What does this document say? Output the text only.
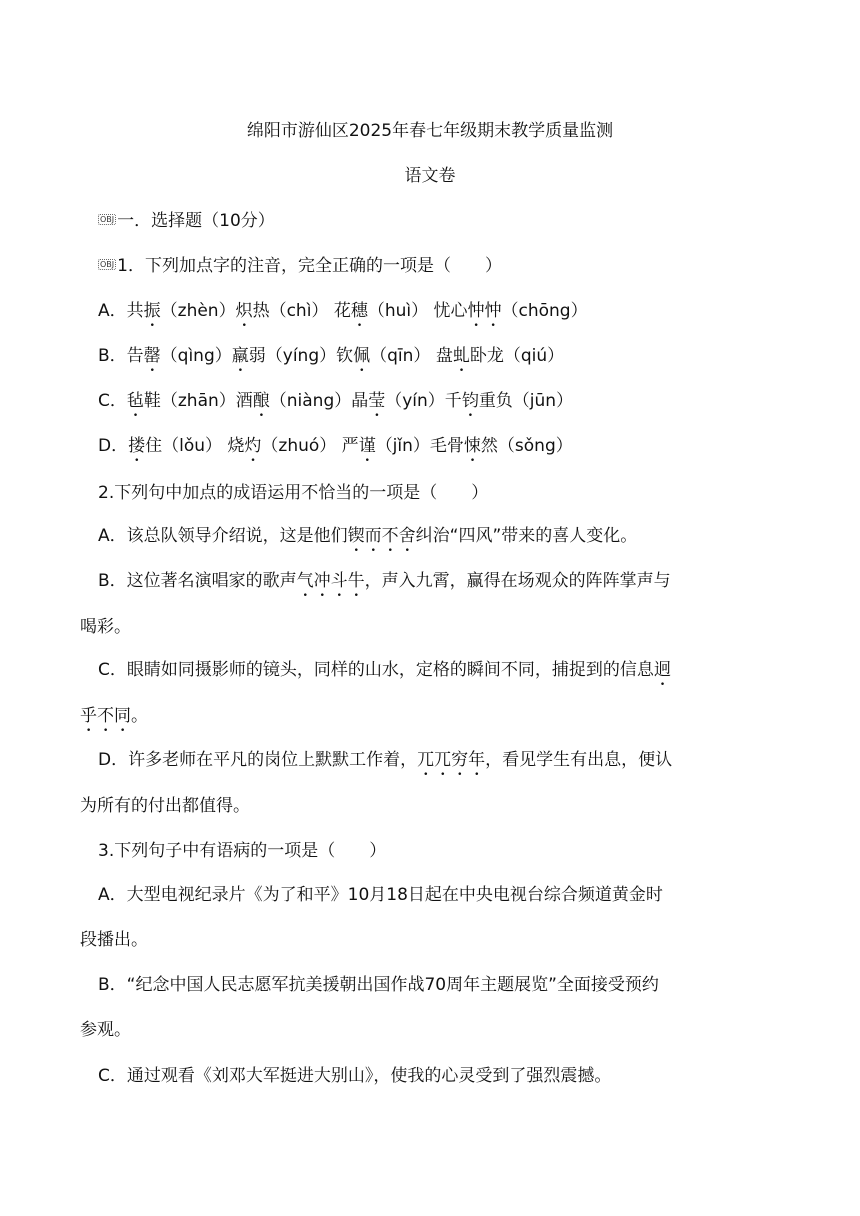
绵阳市游仙区2025年春七年级期末教学质量监测
语文卷
OBJ 一．选择题（10分）
OBJ 1．下列加点字的注音，完全正确的一项是（　　）
A．共振（zhèn）炽热（chì） 花穗（huì） 忧心忡忡（chōng）
B．告罄（qìng）羸弱（yíng）钦佩（qīn） 盘虬卧龙（qiú）
C．毡鞋（zhān）酒酿（niàng）晶莹（yín）千钧重负（jūn）
D．搂住（lǒu） 烧灼（zhuó） 严谨（jǐn）毛骨悚然（sǒng）
2.下列句中加点的成语运用不恰当的一项是（　　）
A．该总队领导介绍说，这是他们锲而不舍纠治“四风”带来的喜人变化。
B．这位著名演唱家的歌声气冲斗牛，声入九霄，赢得在场观众的阵阵掌声与
喝彩。
C．眼睛如同摄影师的镜头，同样的山水，定格的瞬间不同，捕捉到的信息迥
乎不同。
D．许多老师在平凡的岗位上默默工作着，兀兀穷年，看见学生有出息，便认
为所有的付出都值得。
3.下列句子中有语病的一项是（　　）
A．大型电视纪录片《为了和平》10月18日起在中央电视台综合频道黄金时
段播出。
B．“纪念中国人民志愿军抗美援朝出国作战70周年主题展览”全面接受预约
参观。
C．通过观看《刘邓大军挺进大别山》，使我的心灵受到了强烈震撼。
